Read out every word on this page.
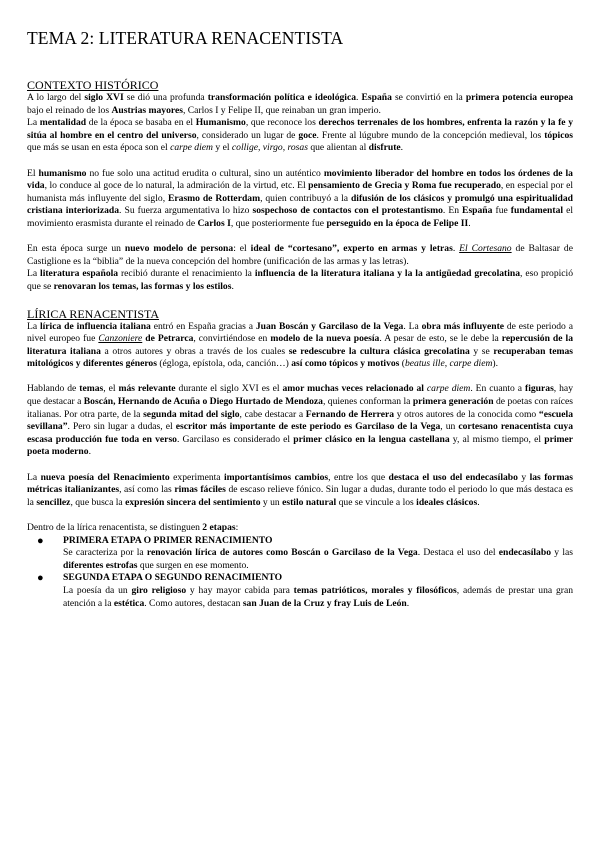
TEMA 2: LITERATURA RENACENTISTA
CONTEXTO HISTÓRICO

A lo largo del siglo XVI se dió una profunda transformación política e ideológica. España se convirtió en la primera potencia europea bajo el reinado de los Austrias mayores, Carlos I y Felipe II, que reinaban un gran imperio.

La mentalidad de la época se basaba en el Humanismo, que reconoce los derechos terrenales de los hombres, enfrenta la razón y la fe y sitúa al hombre en el centro del universo, considerado un lugar de goce. Frente al lúgubre mundo de la concepción medieval, los tópicos que más se usan en esta época son el carpe diem y el collige, virgo, rosas que alientan al disfrute.

El humanismo no fue solo una actitud erudita o cultural, sino un auténtico movimiento liberador del hombre en todos los órdenes de la vida, lo conduce al goce de lo natural, la admiración de la virtud, etc. El pensamiento de Grecia y Roma fue recuperado, en especial por el humanista más influyente del siglo, Erasmo de Rotterdam, quien contribuyó a la difusión de los clásicos y promulgó una espiritualidad cristiana interiorizada. Su fuerza argumentativa lo hizo sospechoso de contactos con el protestantismo. En España fue fundamental el movimiento erasmista durante el reinado de Carlos I, que posteriormente fue perseguido en la época de Felipe II.

En esta época surge un nuevo modelo de persona: el ideal de “cortesano”, experto en armas y letras. El Cortesano de Baltasar de Castiglione es la “biblia” de la nueva concepción del hombre (unificación de las armas y las letras).

La literatura española recibió durante el renacimiento la influencia de la literatura italiana y la la antigüedad grecolatina, eso propició que se renovaran los temas, las formas y los estilos.

LÍRICA RENACENTISTA

La lírica de influencia italiana entró en España gracias a Juan Boscán y Garcilaso de la Vega. La obra más influyente de este periodo a nivel europeo fue Canzoniere de Petrarca, convirtiéndose en modelo de la nueva poesía. A pesar de esto, se le debe la repercusión de la literatura italiana a otros autores y obras a través de los cuales se redescubre la cultura clásica grecolatina y se recuperaban temas mitológicos y diferentes géneros (égloga, epístola, oda, canción…) así como tópicos y motivos (beatus ille, carpe diem).

Hablando de temas, el más relevante durante el siglo XVI es el amor muchas veces relacionado al carpe diem. En cuanto a figuras, hay que destacar a Boscán, Hernando de Acuña o Diego Hurtado de Mendoza, quienes conforman la primera generación de poetas con raíces italianas. Por otra parte, de la segunda mitad del siglo, cabe destacar a Fernando de Herrera y otros autores de la conocida como “escuela sevillana”. Pero sin lugar a dudas, el escritor más importante de este periodo es Garcilaso de la Vega, un cortesano renacentista cuya escasa producción fue toda en verso. Garcilaso es considerado el primer clásico en la lengua castellana y, al mismo tiempo, el primer poeta moderno.

La nueva poesía del Renacimiento experimenta importantísimos cambios, entre los que destaca el uso del endecasílabo y las formas métricas italianizantes, así como las rimas fáciles de escaso relieve fónico. Sin lugar a dudas, durante todo el periodo lo que más destaca es la sencillez, que busca la expresión sincera del sentimiento y un estilo natural que se vincule a los ideales clásicos.

Dentro de la lírica renacentista, se distinguen 2 etapas:

● PRIMERA ETAPA O PRIMER RENACIMIENTO

Se caracteriza por la renovación lírica de autores como Boscán o Garcilaso de la Vega. Destaca el uso del endecasílabo y las diferentes estrofas que surgen en ese momento.

● SEGUNDA ETAPA O SEGUNDO RENACIMIENTO

La poesía da un giro religioso y hay mayor cabida para temas patrióticos, morales y filosóficos, además de prestar una gran atención a la estética. Como autores, destacan san Juan de la Cruz y fray Luis de León.
